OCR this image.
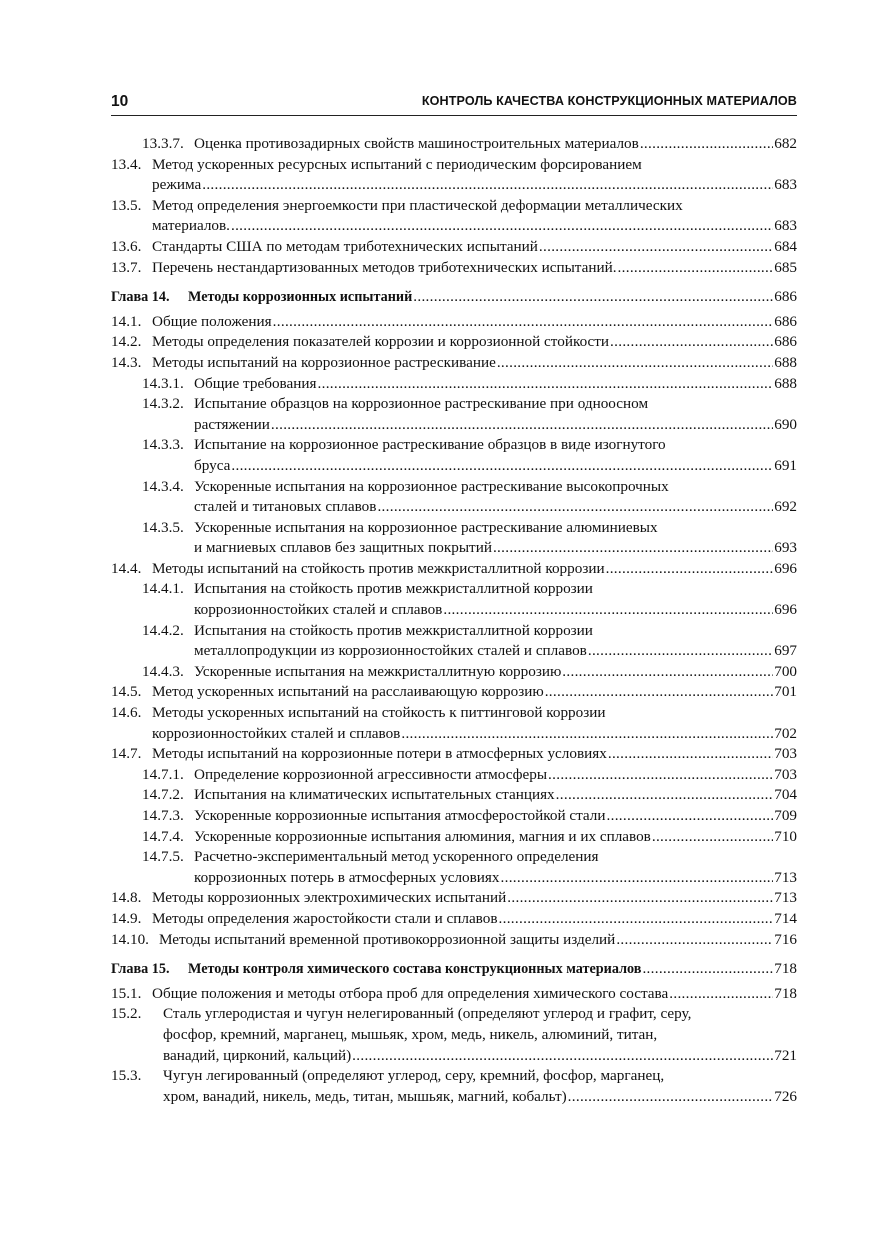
10	КОНТРОЛЬ КАЧЕСТВА КОНСТРУКЦИОННЫХ МАТЕРИАЛОВ
13.3.7. Оценка противозадирных свойств машиностроительных материалов .....	682
13.4. Метод ускоренных ресурсных испытаний с периодическим форсированием
режима .....	683
13.5. Метод определения энергоемкости при пластической деформации металлических
материалов. .....	683
13.6. Стандарты США по методам триботехнических испытаний .....	684
13.7. Перечень нестандартизованных методов триботехнических испытаний. .....	685
Глава 14. Методы коррозионных испытаний .....	686
14.1. Общие положения .....	686
14.2. Методы определения показателей коррозии и коррозионной стойкости .....	686
14.3. Методы испытаний на коррозионное растрескивание .....	688
14.3.1. Общие требования .....	688
14.3.2. Испытание образцов на коррозионное растрескивание при одноосном
растяжении .....	690
14.3.3. Испытание на коррозионное растрескивание образцов в виде изогнутого
бруса .....	691
14.3.4. Ускоренные испытания на коррозионное растрескивание высокопрочных
сталей и титановых сплавов .....	692
14.3.5. Ускоренные испытания на коррозионное растрескивание алюминиевых
и магниевых сплавов без защитных покрытий .....	693
14.4. Методы испытаний на стойкость против межкристаллитной коррозии .....	696
14.4.1. Испытания на стойкость против межкристаллитной коррозии
коррозионностойких сталей и сплавов .....	696
14.4.2. Испытания на стойкость против межкристаллитной коррозии
металлопродукции из коррозионностойких сталей и сплавов .....	697
14.4.3. Ускоренные испытания на межкристаллитную коррозию .....	700
14.5. Метод ускоренных испытаний на расслаивающую коррозию .....	701
14.6. Методы ускоренных испытаний на стойкость к питтинговой коррозии
коррозионностойких сталей и сплавов .....	702
14.7. Методы испытаний на коррозионные потери в атмосферных условиях .....	703
14.7.1. Определение коррозионной агрессивности атмосферы .....	703
14.7.2. Испытания на климатических испытательных станциях .....	704
14.7.3. Ускоренные коррозионные испытания атмосферостойкой стали .....	709
14.7.4. Ускоренные коррозионные испытания алюминия, магния и их сплавов .....	710
14.7.5. Расчетно-экспериментальный метод ускоренного определения
коррозионных потерь в атмосферных условиях .....	713
14.8. Методы коррозионных электрохимических испытаний .....	713
14.9. Методы определения жаростойкости стали и сплавов .....	714
14.10. Методы испытаний временной противокоррозионной защиты изделий .....	716
Глава 15. Методы контроля химического состава конструкционных материалов .....	718
15.1. Общие положения и методы отбора проб для определения химического состава .....	718
15.2. Сталь углеродистая и чугун нелегированный (определяют углерод и графит, серу,
фосфор, кремний, марганец, мышьяк, хром, медь, никель, алюминий, титан,
ванадий, цирконий, кальций) .....	721
15.3. Чугун легированный (определяют углерод, серу, кремний, фосфор, марганец,
хром, ванадий, никель, медь, титан, мышьяк, магний, кобальт) .....	726
